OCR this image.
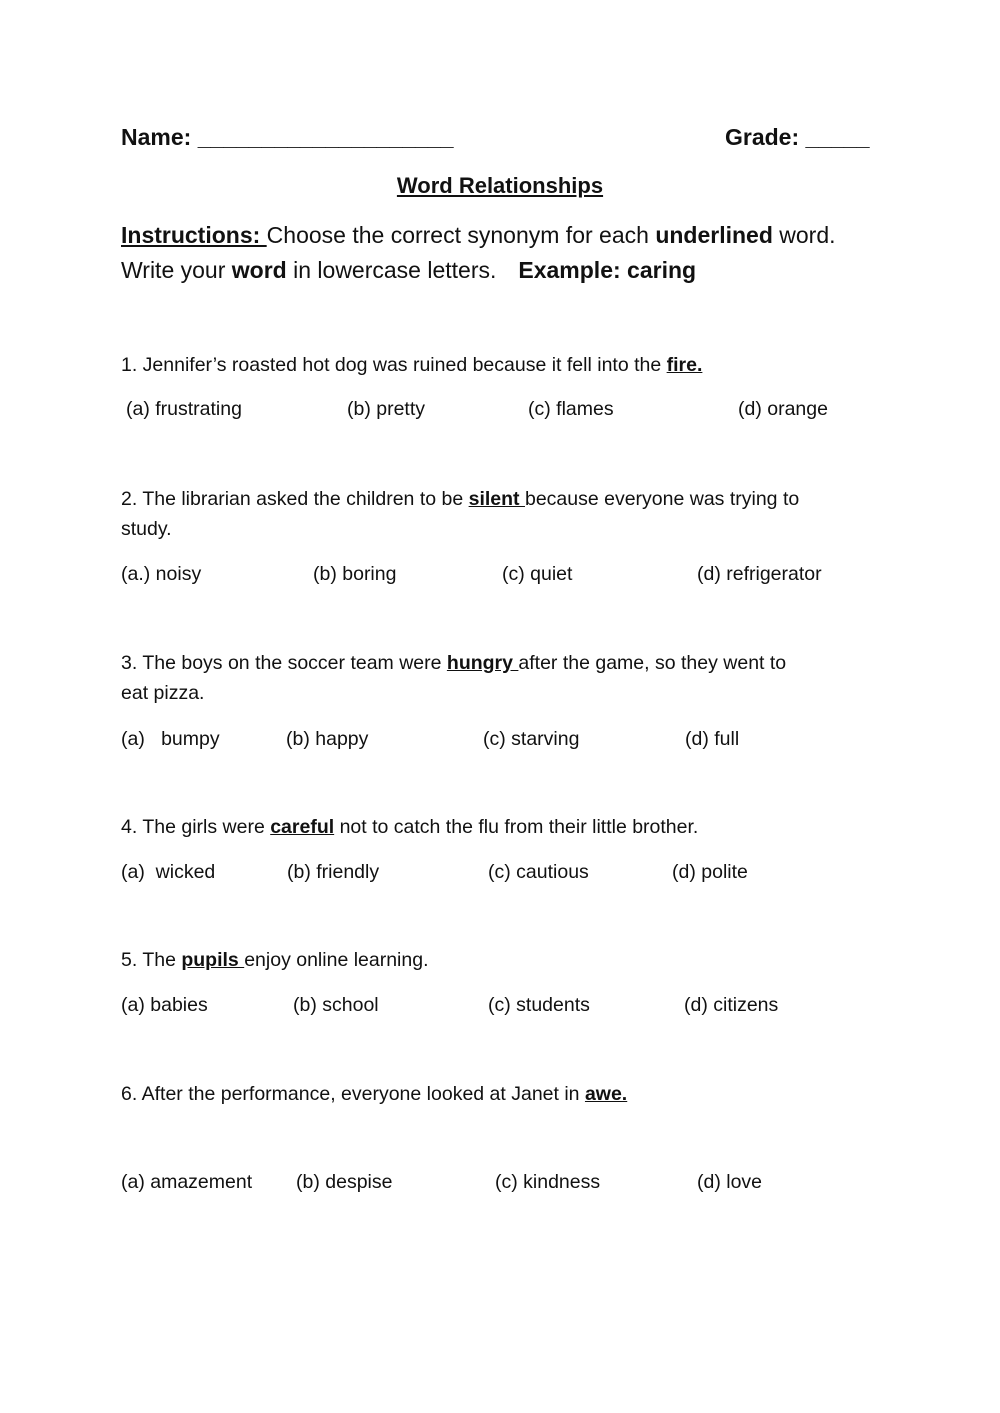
Name: ____________________	Grade: _____
Word Relationships
Instructions: Choose the correct synonym for each underlined word.
Write your word in lowercase letters. Example: caring
1. Jennifer’s roasted hot dog was ruined because it fell into the fire.
(a) frustrating	(b) pretty	(c) flames	(d) orange
2. The librarian asked the children to be silent because everyone was trying to
study.
(a.) noisy	(b) boring	(c) quiet	(d) refrigerator
3. The boys on the soccer team were hungry after the game, so they went to
eat pizza.
(a)   bumpy	(b) happy	(c) starving	(d) full
4. The girls were careful not to catch the flu from their little brother.
(a)  wicked	(b) friendly	(c) cautious	(d) polite
5. The pupils enjoy online learning.
(a) babies	(b) school	(c) students	(d) citizens
6. After the performance, everyone looked at Janet in awe.
(a) amazement (b) despise	(c) kindness	(d) love
